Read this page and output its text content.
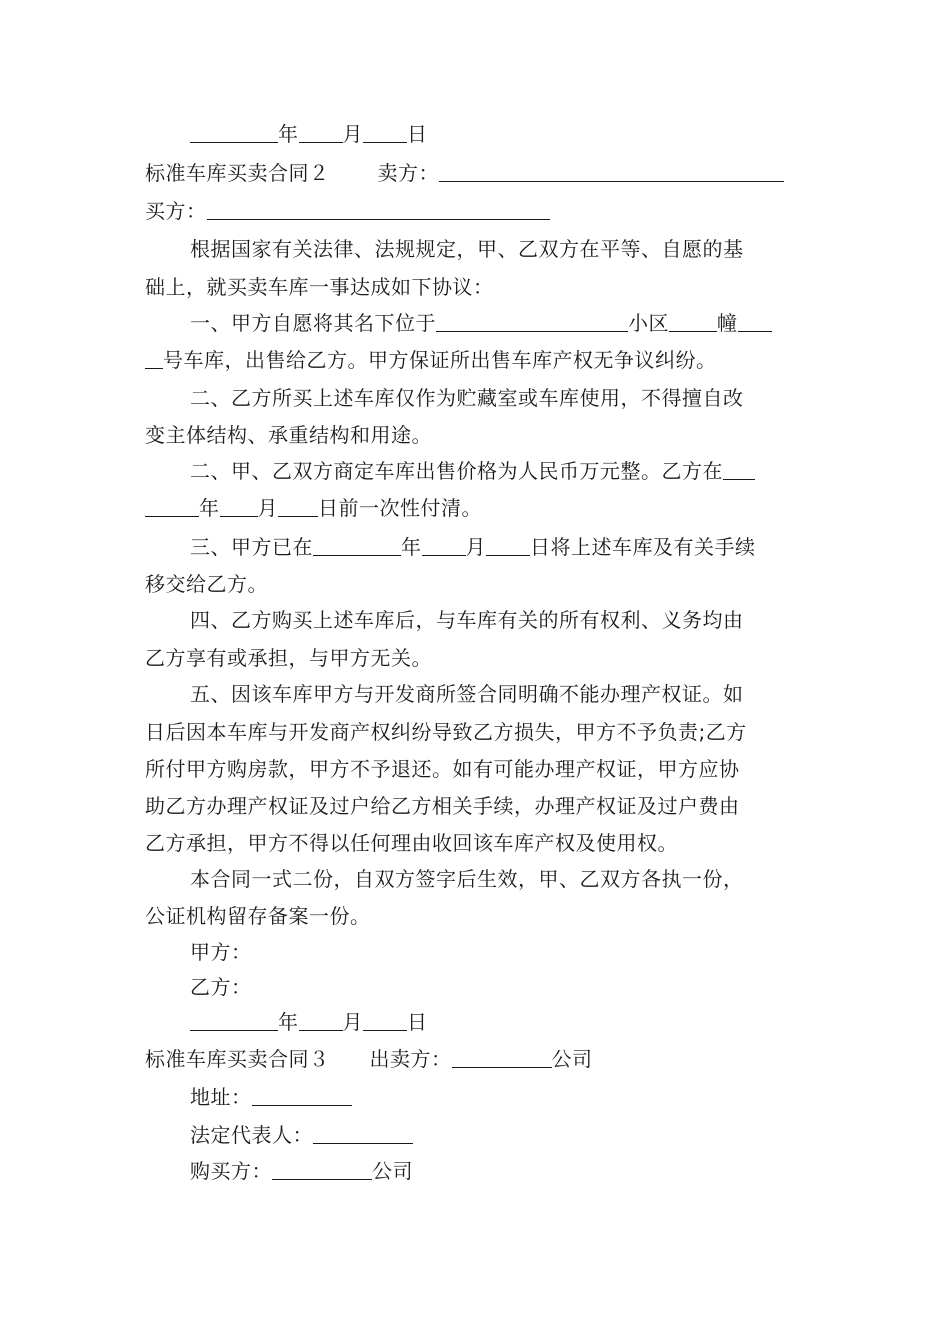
年 月 日
标准车库买卖合同２ 卖方：
买方：
根据国家有关法律、法规规定，甲、乙双方在平等、自愿的基
础上，就买卖车库一事达成如下协议：
一、甲方自愿将其名下位于	小区 幢
号车库，出售给乙方。甲方保证所出售车库产权无争议纠纷。
二、乙方所买上述车库仅作为贮藏室或车库使用，不得擅自改
变主体结构、承重结构和用途。
二、甲、乙双方商定车库出售价格为人民币万元整。乙方在
年 月 日前一次性付清。
三、甲方已在	年 月 日将上述车库及有关手续
移交给乙方。
四、乙方购买上述车库后，与车库有关的所有权利、义务均由
乙方享有或承担，与甲方无关。
五、因该车库甲方与开发商所签合同明确不能办理产权证。如
日后因本车库与开发商产权纠纷导致乙方损失，甲方不予负责;乙方
所付甲方购房款，甲方不予退还。如有可能办理产权证，甲方应协
助乙方办理产权证及过户给乙方相关手续，办理产权证及过户费由
乙方承担，甲方不得以任何理由收回该车库产权及使用权。
本合同一式二份，自双方签字后生效，甲、乙双方各执一份，
公证机构留存备案一份。
甲方：
乙方：
年 月 日
标准车库买卖合同３ 出卖方：	公司
地址：
法定代表人：
购买方：	公司
